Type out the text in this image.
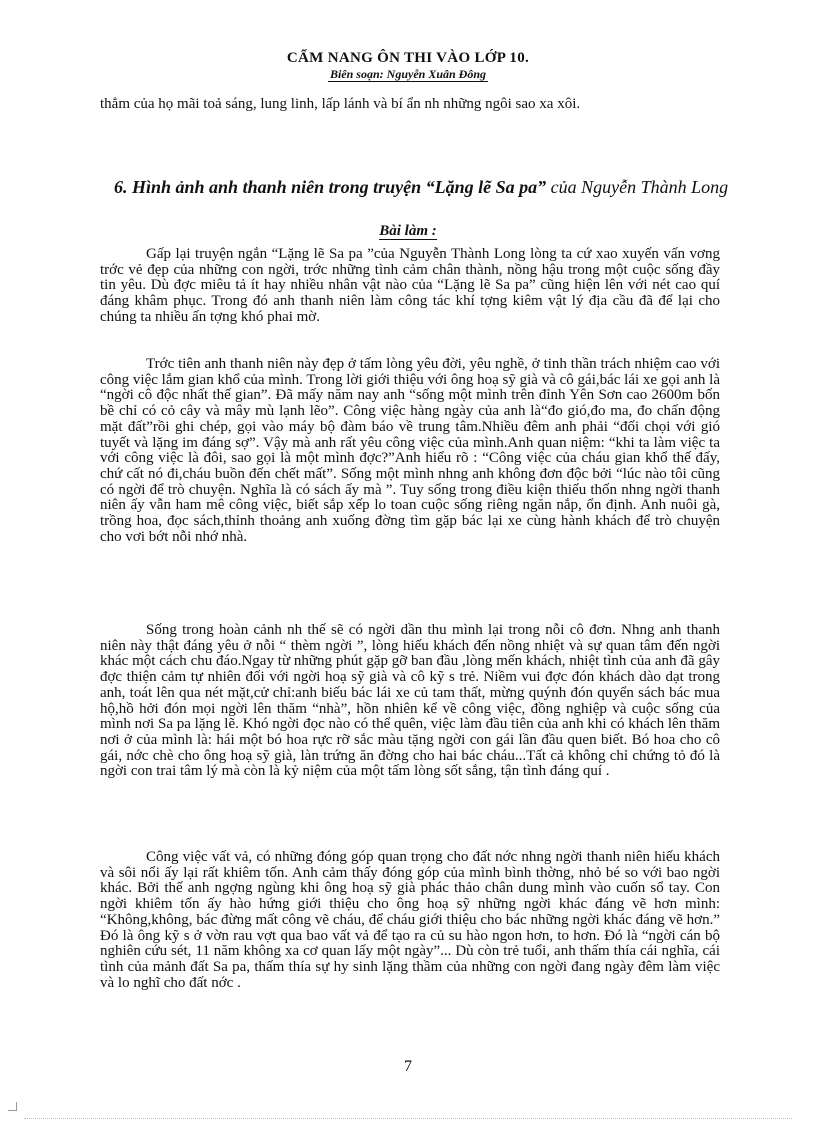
CẨM NANG ÔN THI VÀO LỚP 10.
Biên soạn: Nguyễn Xuân Đông
thẳm của họ mãi toả sáng, lung linh, lấp lánh và bí ẩn nh những ngôi sao xa xôi.
6. Hình ảnh anh thanh niên trong truyện “Lặng lẽ Sa pa” của Nguyễn Thành Long
Bài làm :

Gấp lại truyện ngắn “Lặng lẽ Sa pa ”của Nguyễn Thành Long lòng ta cứ xao xuyến vấn vơng trớc vẻ đẹp của những con ngời, trớc những tình cảm chân thành, nồng hậu trong một cuộc sống đầy tin yêu. Dù đợc miêu tả ít hay nhiều nhân vật nào của “Lặng lẽ Sa pa” cũng hiện lên với nét cao quí đáng khâm phục. Trong đó anh thanh niên làm công tác khí tợng kiêm vật lý địa cầu đã để lại cho chúng ta nhiều ấn tợng khó phai mờ.

Trớc tiên anh thanh niên này đẹp ở tấm lòng yêu đời, yêu nghề, ở tinh thần trách nhiệm cao với công việc lắm gian khổ của mình. Trong lời giới thiệu với ông hoạ sỹ già và cô gái,bác lái xe gọi anh là “ngời cô độc nhất thế gian”. Đã mấy năm nay anh “sống một mình trên đỉnh Yên Sơn cao 2600m bốn bề chỉ có cỏ cây và mây mù lạnh lẽo”. Công việc hàng ngày của anh là“đo gió,đo ma, đo chấn động mặt đất”rồi ghi chép, gọi vào máy bộ đàm báo về trung tâm.Nhiều đêm anh phải “đối chọi với gió tuyết và lặng im đáng sợ”. Vậy mà anh rất yêu công việc của mình.Anh quan niệm: “khi ta làm việc ta với công việc là đôi, sao gọi là một mình đợc?”Anh hiểu rõ : “Công việc của cháu gian khổ thế đấy, chứ cất nó đi,cháu buồn đến chết mất”. Sống một mình nhng anh không đơn độc bởi “lúc nào tôi cũng có ngời để trò chuyện. Nghĩa là có sách ấy mà ”. Tuy sống trong điều kiện thiếu thốn nhng ngời thanh niên ấy vẫn ham mê công việc, biết sắp xếp lo toan cuộc sống riêng ngăn nắp, ổn định. Anh nuôi gà, trồng hoa, đọc sách,thỉnh thoảng anh xuống đờng tìm gặp bác lại xe cùng hành khách để trò chuyện cho vơi bớt nỗi nhớ nhà.

Sống trong hoàn cảnh nh thế sẽ có ngời dần thu mình lại trong nỗi cô đơn. Nhng anh thanh niên này thật đáng yêu ở nỗi “ thèm ngời ”, lòng hiếu khách đến nồng nhiệt và sự quan tâm đến ngời khác một cách chu đáo.Ngay từ những phút gặp gỡ ban đầu ,lòng mến khách, nhiệt tình của anh đã gây đợc thiện cảm tự nhiên đối với ngời hoạ sỹ già và cô kỹ s trẻ. Niềm vui đợc đón khách dào dạt trong anh, toát lên qua nét mặt,cử chỉ:anh biếu bác lái xe củ tam thất, mừng quýnh đón quyển sách bác mua hộ,hồ hởi đón mọi ngời lên thăm “nhà”, hồn nhiên kể về công việc, đồng nghiệp và cuộc sống của mình nơi Sa pa lặng lẽ. Khó ngời đọc nào có thể quên, việc làm đầu tiên của anh khi có khách lên thăm nơi ở của mình là: hái một bó hoa rực rỡ sắc màu tặng ngời con gái lần đầu quen biết. Bó hoa cho cô gái, nớc chè cho ông hoạ sỹ già, làn trứng ăn đờng cho hai bác cháu...Tất cả không chỉ chứng tỏ đó là ngời con trai tâm lý mà còn là kỷ niệm của một tấm lòng sốt sắng, tận tình đáng quí .

Công việc vất vả, có những đóng góp quan trọng cho đất nớc nhng ngời thanh niên hiếu khách và sôi nổi ấy lại rất khiêm tốn. Anh cảm thấy đóng góp của mình bình thờng, nhỏ bé so với bao ngời khác. Bởi thế anh ngợng ngùng khi ông hoạ sỹ già phác thảo chân dung mình vào cuốn sổ tay. Con ngời khiêm tốn ấy hào hứng giới thiệu cho ông hoạ sỹ những ngời khác đáng vẽ hơn mình: “Không,không, bác đừng mất công vẽ cháu, để cháu giới thiệu cho bác những ngời khác đáng vẽ hơn.” Đó là ông kỹ s ở vờn rau vợt qua bao vất vả để tạo ra củ su hào ngon hơn, to hơn. Đó là “ngời cán bộ nghiên cứu sét, 11 năm không xa cơ quan lấy một ngày”... Dù còn trẻ tuổi, anh thấm thía cái nghĩa, cái tình của mảnh đất Sa pa, thấm thía sự hy sinh lặng thầm của những con ngời đang ngày đêm làm việc và lo nghĩ cho đất nớc .

7
